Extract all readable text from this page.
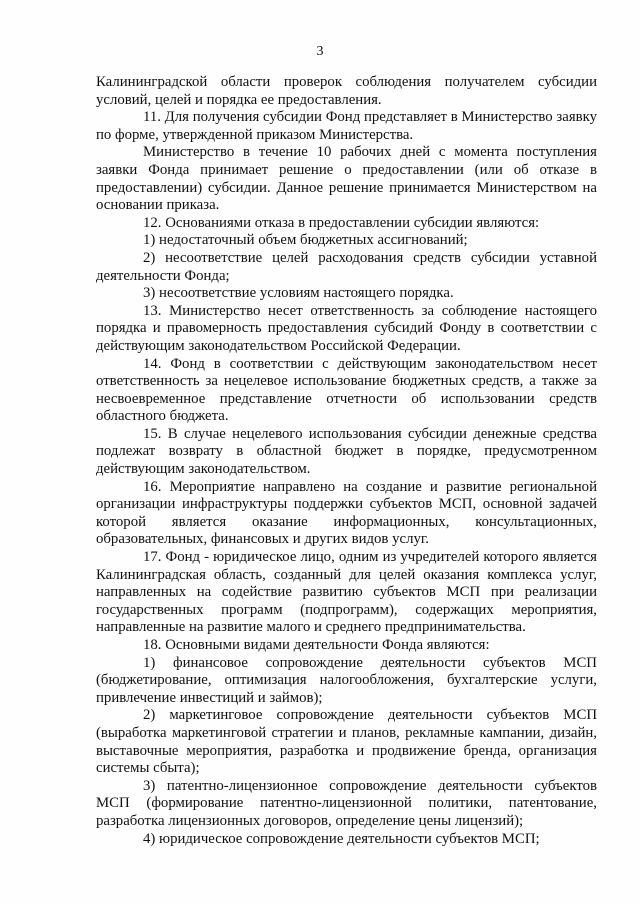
3

Калининградской области проверок соблюдения получателем субсидии условий, целей и порядка ее предоставления.

11. Для получения субсидии Фонд представляет в Министерство заявку по форме, утвержденной приказом Министерства.

Министерство в течение 10 рабочих дней с момента поступления заявки Фонда принимает решение о предоставлении (или об отказе в предоставлении) субсидии. Данное решение принимается Министерством на основании приказа.

12. Основаниями отказа в предоставлении субсидии являются:

1) недостаточный объем бюджетных ассигнований;

2) несоответствие целей расходования средств субсидии уставной деятельности Фонда;

3) несоответствие условиям настоящего порядка.

13. Министерство несет ответственность за соблюдение настоящего порядка и правомерность предоставления субсидий Фонду в соответствии с действующим законодательством Российской Федерации.

14. Фонд в соответствии с действующим законодательством несет ответственность за нецелевое использование бюджетных средств, а также за несвоевременное представление отчетности об использовании средств областного бюджета.

15. В случае нецелевого использования субсидии денежные средства подлежат возврату в областной бюджет в порядке, предусмотренном действующим законодательством.

16. Мероприятие направлено на создание и развитие региональной организации инфраструктуры поддержки субъектов МСП, основной задачей которой является оказание информационных, консультационных, образовательных, финансовых и других видов услуг.

17. Фонд - юридическое лицо, одним из учредителей которого является Калининградская область, созданный для целей оказания комплекса услуг, направленных на содействие развитию субъектов МСП при реализации государственных программ (подпрограмм), содержащих мероприятия, направленные на развитие малого и среднего предпринимательства.

18. Основными видами деятельности Фонда являются:

1) финансовое сопровождение деятельности субъектов МСП (бюджетирование, оптимизация налогообложения, бухгалтерские услуги, привлечение инвестиций и займов);

2) маркетинговое сопровождение деятельности субъектов МСП (выработка маркетинговой стратегии и планов, рекламные кампании, дизайн, выставочные мероприятия, разработка и продвижение бренда, организация системы сбыта);

3) патентно-лицензионное сопровождение деятельности субъектов МСП (формирование патентно-лицензионной политики, патентование, разработка лицензионных договоров, определение цены лицензий);

4) юридическое сопровождение деятельности субъектов МСП;
